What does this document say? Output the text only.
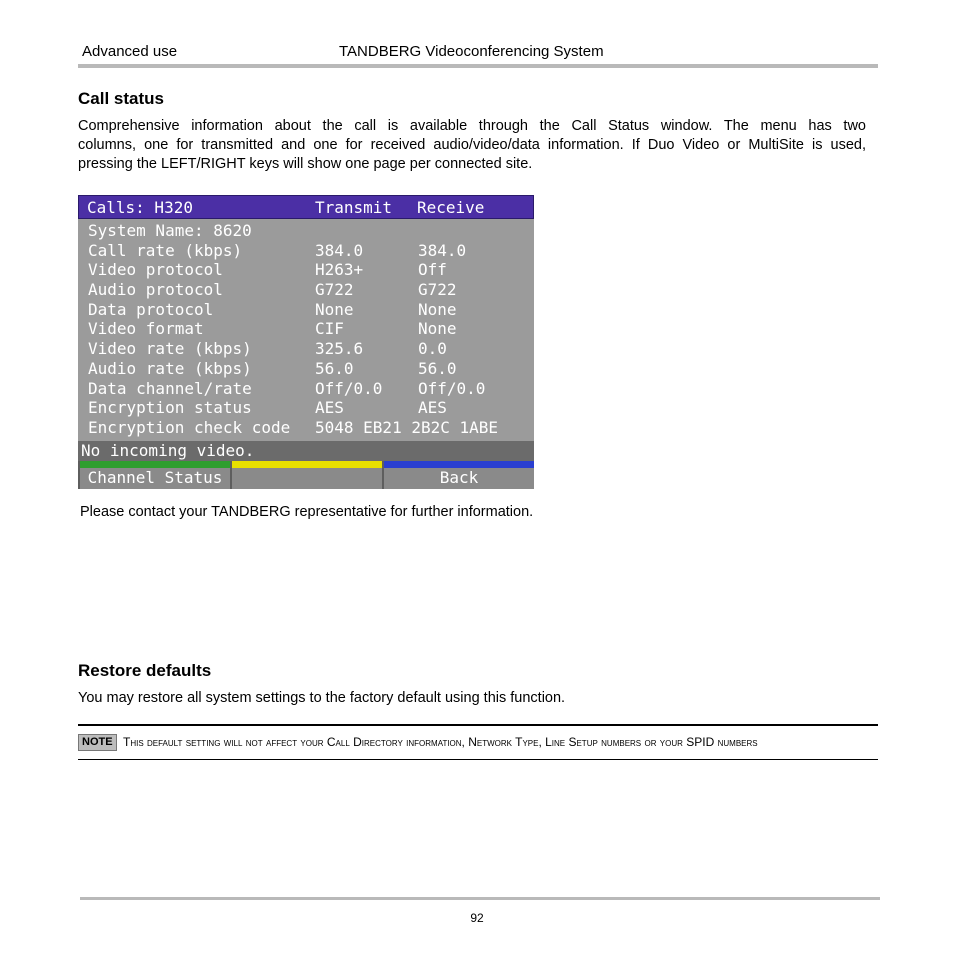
Advanced use	TANDBERG Videoconferencing System
Call status
Comprehensive information about the call is available through the Call Status window. The menu has two
columns, one for transmitted and one for received audio/video/data information. If Duo Video or MultiSite is used,
pressing the LEFT/RIGHT keys will show one page per connected site.
Calls: H320	Transmit Receive
System Name: 8620
Call rate (kbps)	384.0	384.0
Video protocol	H263+	Off
Audio protocol	G722	G722
Data protocol	None	None
Video format	CIF	None
Video rate (kbps)	325.6	0.0
Audio rate (kbps)	56.0	56.0
Data channel/rate	Off/0.0 Off/0.0
Encryption status	AES	AES
Encryption check code 5048 EB21 2B2C 1ABE
No incoming video.
Channel Status	Back
Please contact your TANDBERG representative for further information.
Restore defaults
You may restore all system settings to the factory default using this function.
NOTE This default setting will not affect your Call Directory information, Network Type, Line Setup numbers or your SPID numbers
92
